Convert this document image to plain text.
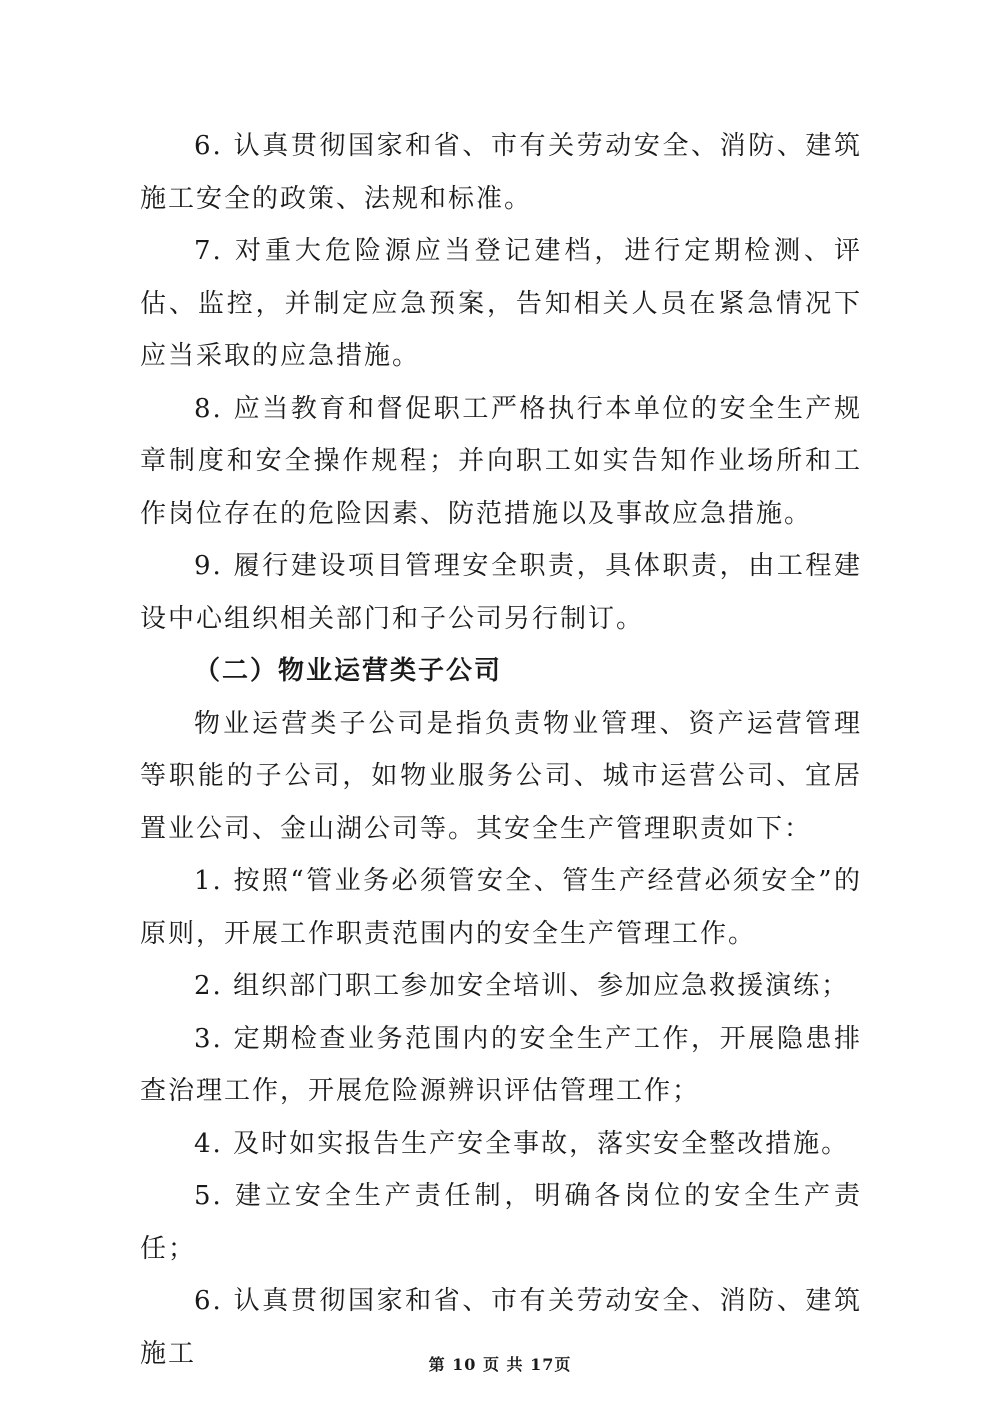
6. 认真贯彻国家和省、市有关劳动安全、消防、建筑施工安全的政策、法规和标准。

7. 对重大危险源应当登记建档，进行定期检测、评估、监控，并制定应急预案，告知相关人员在紧急情况下应当采取的应急措施。

8. 应当教育和督促职工严格执行本单位的安全生产规章制度和安全操作规程；并向职工如实告知作业场所和工作岗位存在的危险因素、防范措施以及事故应急措施。

9. 履行建设项目管理安全职责，具体职责，由工程建设中心组织相关部门和子公司另行制订。

（二）物业运营类子公司

物业运营类子公司是指负责物业管理、资产运营管理等职能的子公司，如物业服务公司、城市运营公司、宜居置业公司、金山湖公司等。其安全生产管理职责如下：

1. 按照“管业务必须管安全、管生产经营必须安全”的原则，开展工作职责范围内的安全生产管理工作。

2. 组织部门职工参加安全培训、参加应急救援演练；

3. 定期检查业务范围内的安全生产工作，开展隐患排查治理工作，开展危险源辨识评估管理工作；

4. 及时如实报告生产安全事故，落实安全整改措施。

5. 建立安全生产责任制，明确各岗位的安全生产责任；

6. 认真贯彻国家和省、市有关劳动安全、消防、建筑施工	第 10 页 共 17页
